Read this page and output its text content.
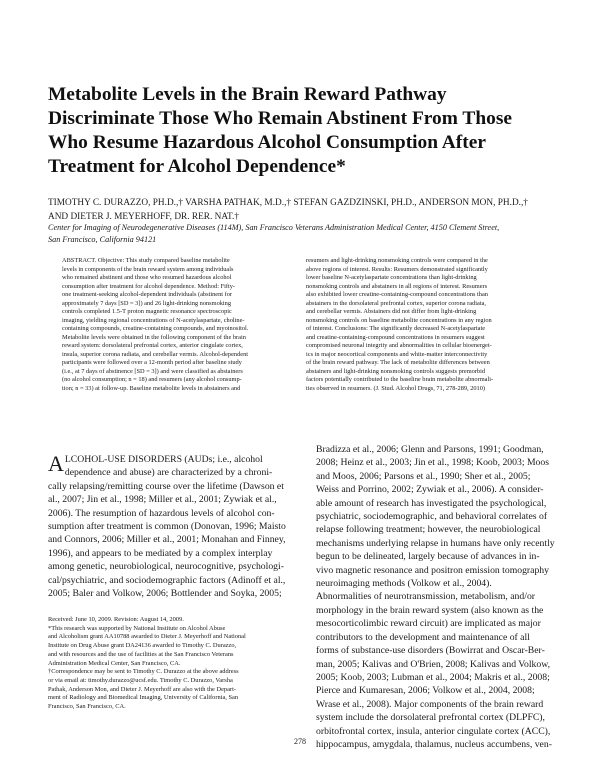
Metabolite Levels in the Brain Reward Pathway
Discriminate Those Who Remain Abstinent From Those
Who Resume Hazardous Alcohol Consumption After
Treatment for Alcohol Dependence*
TIMOTHY C. DURAZZO, PH.D.,† VARSHA PATHAK, M.D.,† STEFAN GAZDZINSKI, PH.D., ANDERSON MON, PH.D.,†
AND DIETER J. MEYERHOFF, DR. RER. NAT.†
Center for Imaging of Neurodegenerative Diseases (114M), San Francisco Veterans Administration Medical Center, 4150 Clement Street,
San Francisco, California 94121
ABSTRACT. Objective: This study compared baseline metabolite
levels in components of the brain reward system among individuals
who remained abstinent and those who resumed hazardous alcohol
consumption after treatment for alcohol dependence. Method: Fifty-
one treatment-seeking alcohol-dependent individuals (abstinent for
approximately 7 days [SD = 3]) and 26 light-drinking nonsmoking
controls completed 1.5-T proton magnetic resonance spectroscopic
imaging, yielding regional concentrations of N-acetylaspartate, choline-
containing compounds, creatine-containing compounds, and myoinositol.
Metabolite levels were obtained in the following component of the brain
reward system: dorsolateral prefrontal cortex, anterior cingulate cortex,
insula, superior corona radiata, and cerebellar vermis. Alcohol-dependent
participants were followed over a 12-month period after baseline study
(i.e., at 7 days of abstinence [SD = 3]) and were classified as abstainers
(no alcohol consumption; n = 18) and resumers (any alcohol consump-
tion; n = 33) at follow-up. Baseline metabolite levels in abstainers and
resumers and light-drinking nonsmoking controls were compared in the
above regions of interest. Results: Resumers demonstrated significantly
lower baseline N-acetylaspartate concentrations than light-drinking
nonsmoking controls and abstainers in all regions of interest. Resumers
also exhibited lower creatine-containing-compound concentrations than
abstainers in the dorsolateral prefrontal cortex, superior corona radiata,
and cerebellar vermis. Abstainers did not differ from light-drinking
nonsmoking controls on baseline metabolite concentrations in any region
of interest. Conclusions: The significantly decreased N-acetylaspartate
and creatine-containing-compound concentrations in resumers suggest
compromised neuronal integrity and abnormalities in cellular bioenerget-
ics in major neocortical components and white-matter interconnectivity
of the brain reward pathway. The lack of metabolite differences between
abstainers and light-drinking nonsmoking controls suggests premorbid
factors potentially contributed to the baseline brain metabolite abnormali-
ties observed in resumers. (J. Stud. Alcohol Drugs, 71, 278-289, 2010)
A LCOHOL-USE DISORDERS (AUDs; i.e., alcohol
dependence and abuse) are characterized by a chroni-
cally relapsing/remitting course over the lifetime (Dawson et
al., 2007; Jin et al., 1998; Miller et al., 2001; Zywiak et al.,
2006). The resumption of hazardous levels of alcohol con-
sumption after treatment is common (Donovan, 1996; Maisto
and Connors, 2006; Miller et al., 2001; Monahan and Finney,
1996), and appears to be mediated by a complex interplay
among genetic, neurobiological, neurocognitive, psychologi-
cal/psychiatric, and sociodemographic factors (Adinoff et al.,
2005; Baler and Volkow, 2006; Bottlender and Soyka, 2005;
Bradizza et al., 2006; Glenn and Parsons, 1991; Goodman,
2008; Heinz et al., 2003; Jin et al., 1998; Koob, 2003; Moos
and Moos, 2006; Parsons et al., 1990; Sher et al., 2005;
Weiss and Porrino, 2002; Zywiak et al., 2006). A consider-
able amount of research has investigated the psychological,
psychiatric, sociodemographic, and behavioral correlates of
relapse following treatment; however, the neurobiological
mechanisms underlying relapse in humans have only recently
begun to be delineated, largely because of advances in in-
vivo magnetic resonance and positron emission tomography
neuroimaging methods (Volkow et al., 2004).
Abnormalities of neurotransmission, metabolism, and/or
morphology in the brain reward system (also known as the
mesocorticolimbic reward circuit) are implicated as major
contributors to the development and maintenance of all
forms of substance-use disorders (Bowirrat and Oscar-Ber-
man, 2005; Kalivas and O'Brien, 2008; Kalivas and Volkow,
2005; Koob, 2003; Lubman et al., 2004; Makris et al., 2008;
Pierce and Kumaresan, 2006; Volkow et al., 2004, 2008;
Wrase et al., 2008). Major components of the brain reward
system include the dorsolateral prefrontal cortex (DLPFC),
orbitofrontal cortex, insula, anterior cingulate cortex (ACC),
hippocampus, amygdala, thalamus, nucleus accumbens, ven-
Received: June 10, 2009. Revision: August 14, 2009.
*This research was supported by National Institute on Alcohol Abuse
and Alcoholism grant AA10788 awarded to Dieter J. Meyerhoff and National
Institute on Drug Abuse grant DA24136 awarded to Timothy C. Durazzo,
and with resources and the use of facilities at the San Francisco Veterans
Administration Medical Center, San Francisco, CA.
†Correspondence may be sent to Timothy C. Durazzo at the above address
or via email at: timothy.durazzo@ucsf.edu. Timothy C. Durazzo, Varsha
Pathak, Anderson Mon, and Dieter J. Meyerhoff are also with the Depart-
ment of Radiology and Biomedical Imaging, University of California, San
Francisco, San Francisco, CA.
278
